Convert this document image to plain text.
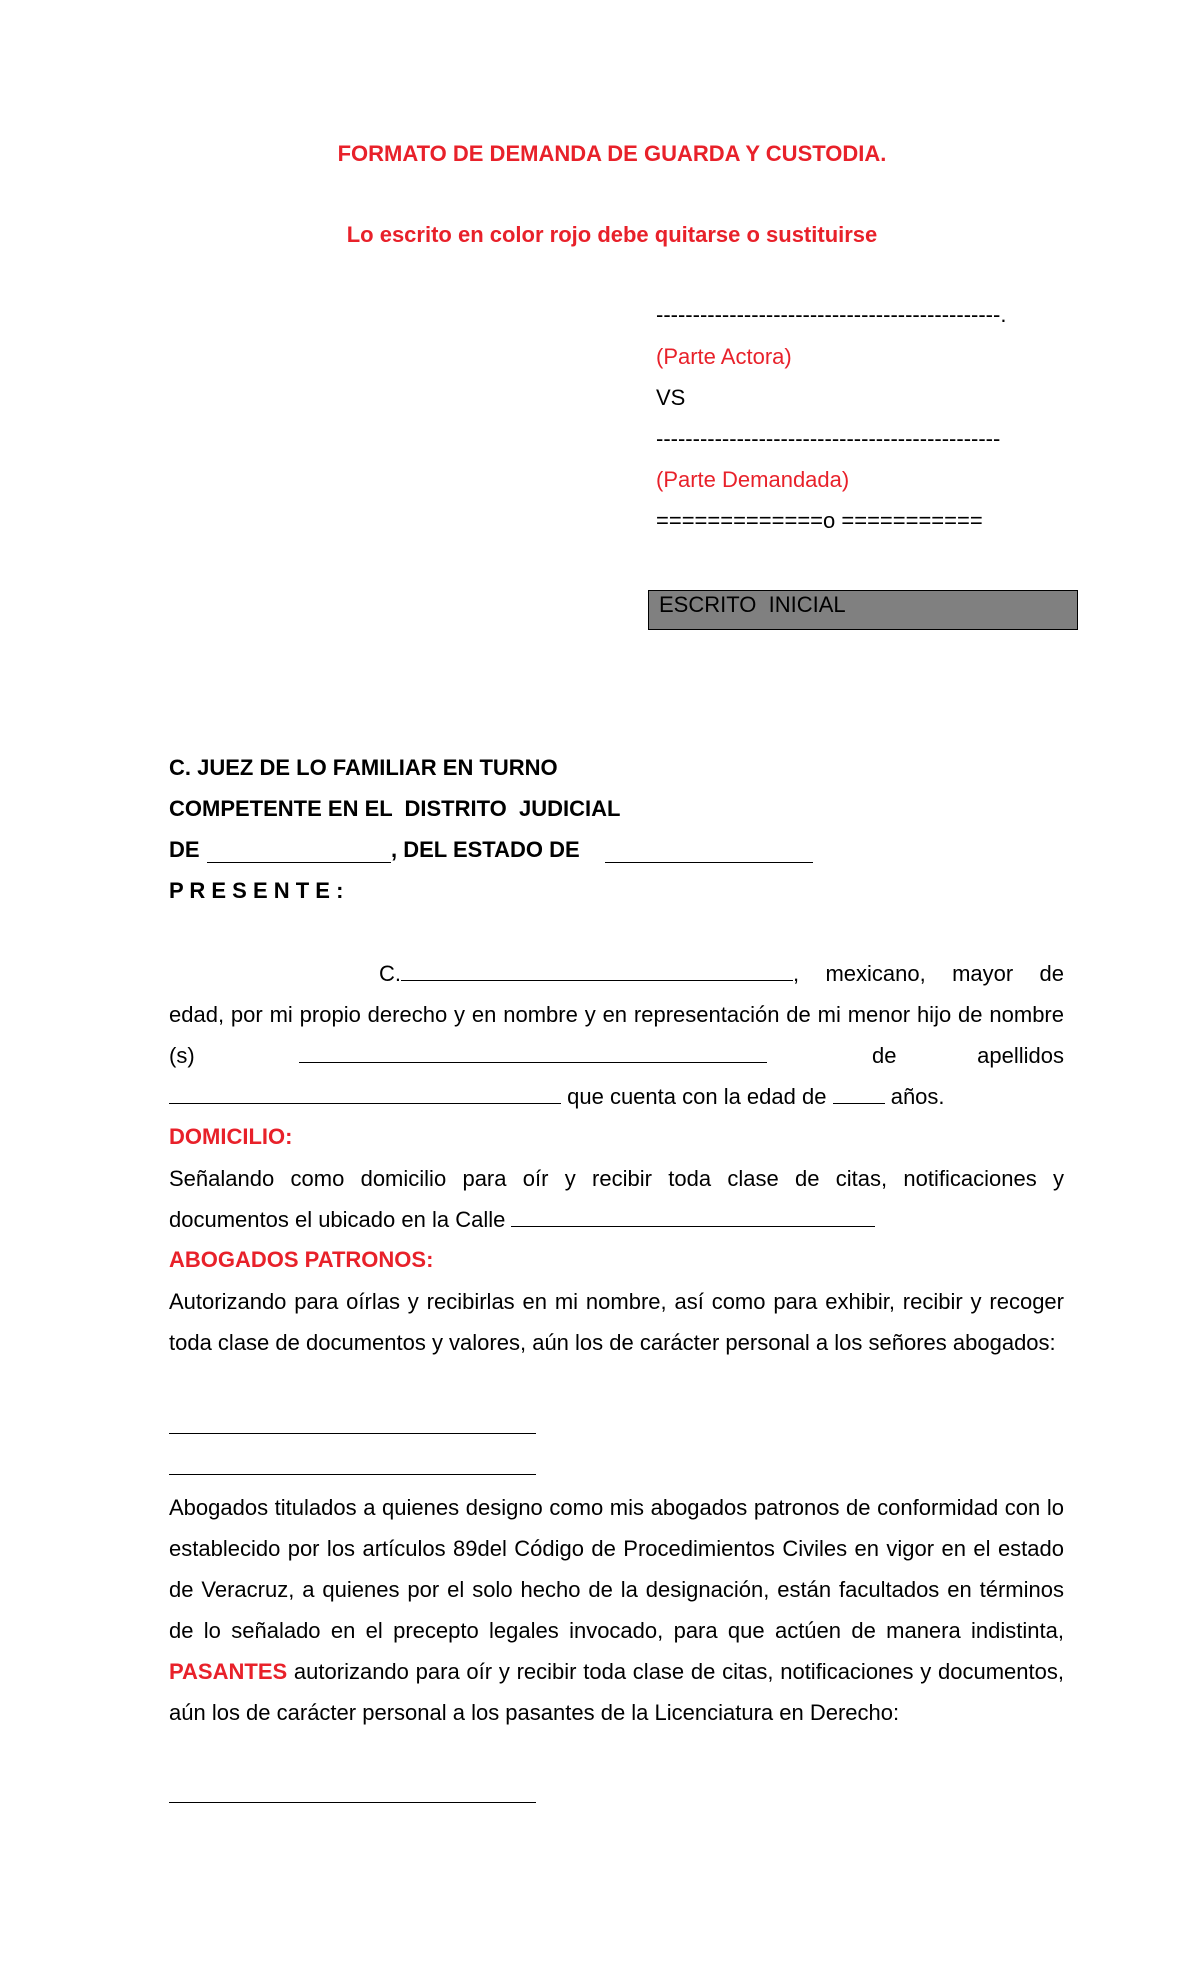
FORMATO DE DEMANDA DE GUARDA Y CUSTODIA.
Lo escrito en color rojo debe quitarse o sustituirse
-----------------------------------------------.
(Parte Actora)
VS
-----------------------------------------------
(Parte Demandada)
=============o ===========
ESCRITO  INICIAL
C. JUEZ DE LO FAMILIAR EN TURNO
COMPETENTE EN EL  DISTRITO  JUDICIAL
DE	, DEL ESTADO DE
P R E S E N T E :
C.	, mexicano, mayor de edad, por mi propio derecho y en nombre y en representación de mi menor hijo de nombre (s)	de apellidos  que cuenta con la edad de	años.
DOMICILIO:
Señalando como domicilio para oír y recibir toda clase de citas, notificaciones y documentos el ubicado en la Calle
ABOGADOS PATRONOS:
Autorizando para oírlas y recibirlas en mi nombre, así como para exhibir, recibir y recoger toda clase de documentos y valores, aún los de carácter personal a los señores abogados:
Abogados titulados a quienes designo como mis abogados patronos de conformidad con lo establecido por los artículos 89del Código de Procedimientos Civiles en vigor en el estado de Veracruz, a quienes por el solo hecho de la designación, están facultados en términos de lo señalado en el precepto legales invocado, para que actúen de manera indistinta, PASANTES autorizando para oír y recibir toda clase de citas, notificaciones y documentos, aún los de carácter personal a los pasantes de la Licenciatura en Derecho:
